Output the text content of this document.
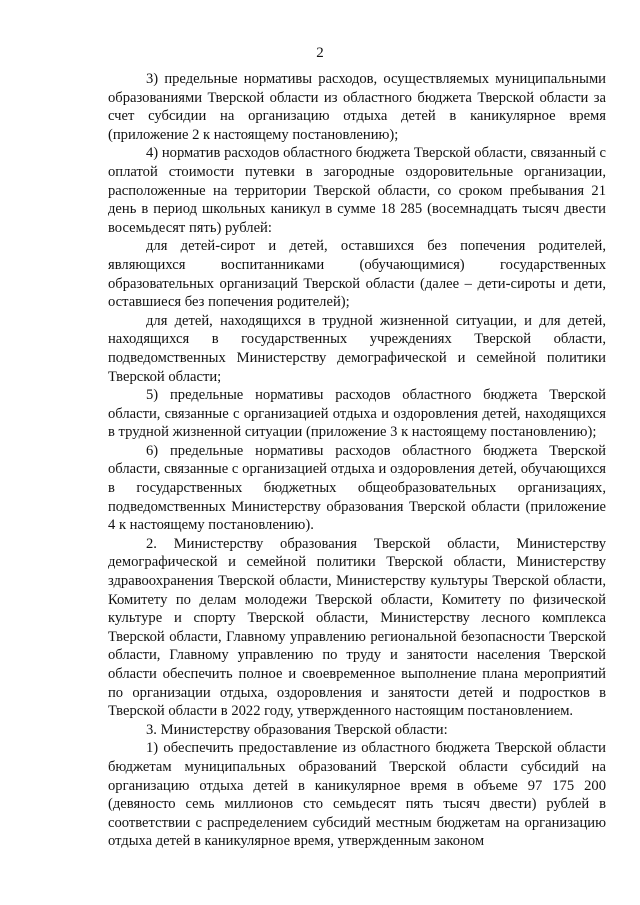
2

3) предельные нормативы расходов, осуществляемых муниципальными образованиями Тверской области из областного бюджета Тверской области за счет субсидии на организацию отдыха детей в каникулярное время (приложение 2 к настоящему постановлению);

4) норматив расходов областного бюджета Тверской области, связанный с оплатой стоимости путевки в загородные оздоровительные организации, расположенные на территории Тверской области, со сроком пребывания 21 день в период школьных каникул в сумме 18 285 (восемнадцать тысяч двести восемьдесят пять) рублей:

для детей-сирот и детей, оставшихся без попечения родителей, являющихся воспитанниками (обучающимися) государственных образовательных организаций Тверской области (далее – дети-сироты и дети, оставшиеся без попечения родителей);

для детей, находящихся в трудной жизненной ситуации, и для детей, находящихся в государственных учреждениях Тверской области, подведомственных Министерству демографической и семейной политики Тверской области;

5) предельные нормативы расходов областного бюджета Тверской области, связанные с организацией отдыха и оздоровления детей, находящихся в трудной жизненной ситуации (приложение 3 к настоящему постановлению);

6) предельные нормативы расходов областного бюджета Тверской области, связанные с организацией отдыха и оздоровления детей, обучающихся в государственных бюджетных общеобразовательных организациях, подведомственных Министерству образования Тверской области (приложение 4 к настоящему постановлению).

2. Министерству образования Тверской области, Министерству демографической и семейной политики Тверской области, Министерству здравоохранения Тверской области, Министерству культуры Тверской области, Комитету по делам молодежи Тверской области, Комитету по физической культуре и спорту Тверской области, Министерству лесного комплекса Тверской области, Главному управлению региональной безопасности Тверской области, Главному управлению по труду и занятости населения Тверской области обеспечить полное и своевременное выполнение плана мероприятий по организации отдыха, оздоровления и занятости детей и подростков в Тверской области в 2022 году, утвержденного настоящим постановлением.

3. Министерству образования Тверской области:

1) обеспечить предоставление из областного бюджета Тверской области бюджетам муниципальных образований Тверской области субсидий на организацию отдыха детей в каникулярное время в объеме 97 175 200 (девяносто семь миллионов сто семьдесят пять тысяч двести) рублей в соответствии с распределением субсидий местным бюджетам на организацию отдыха детей в каникулярное время, утвержденным законом
